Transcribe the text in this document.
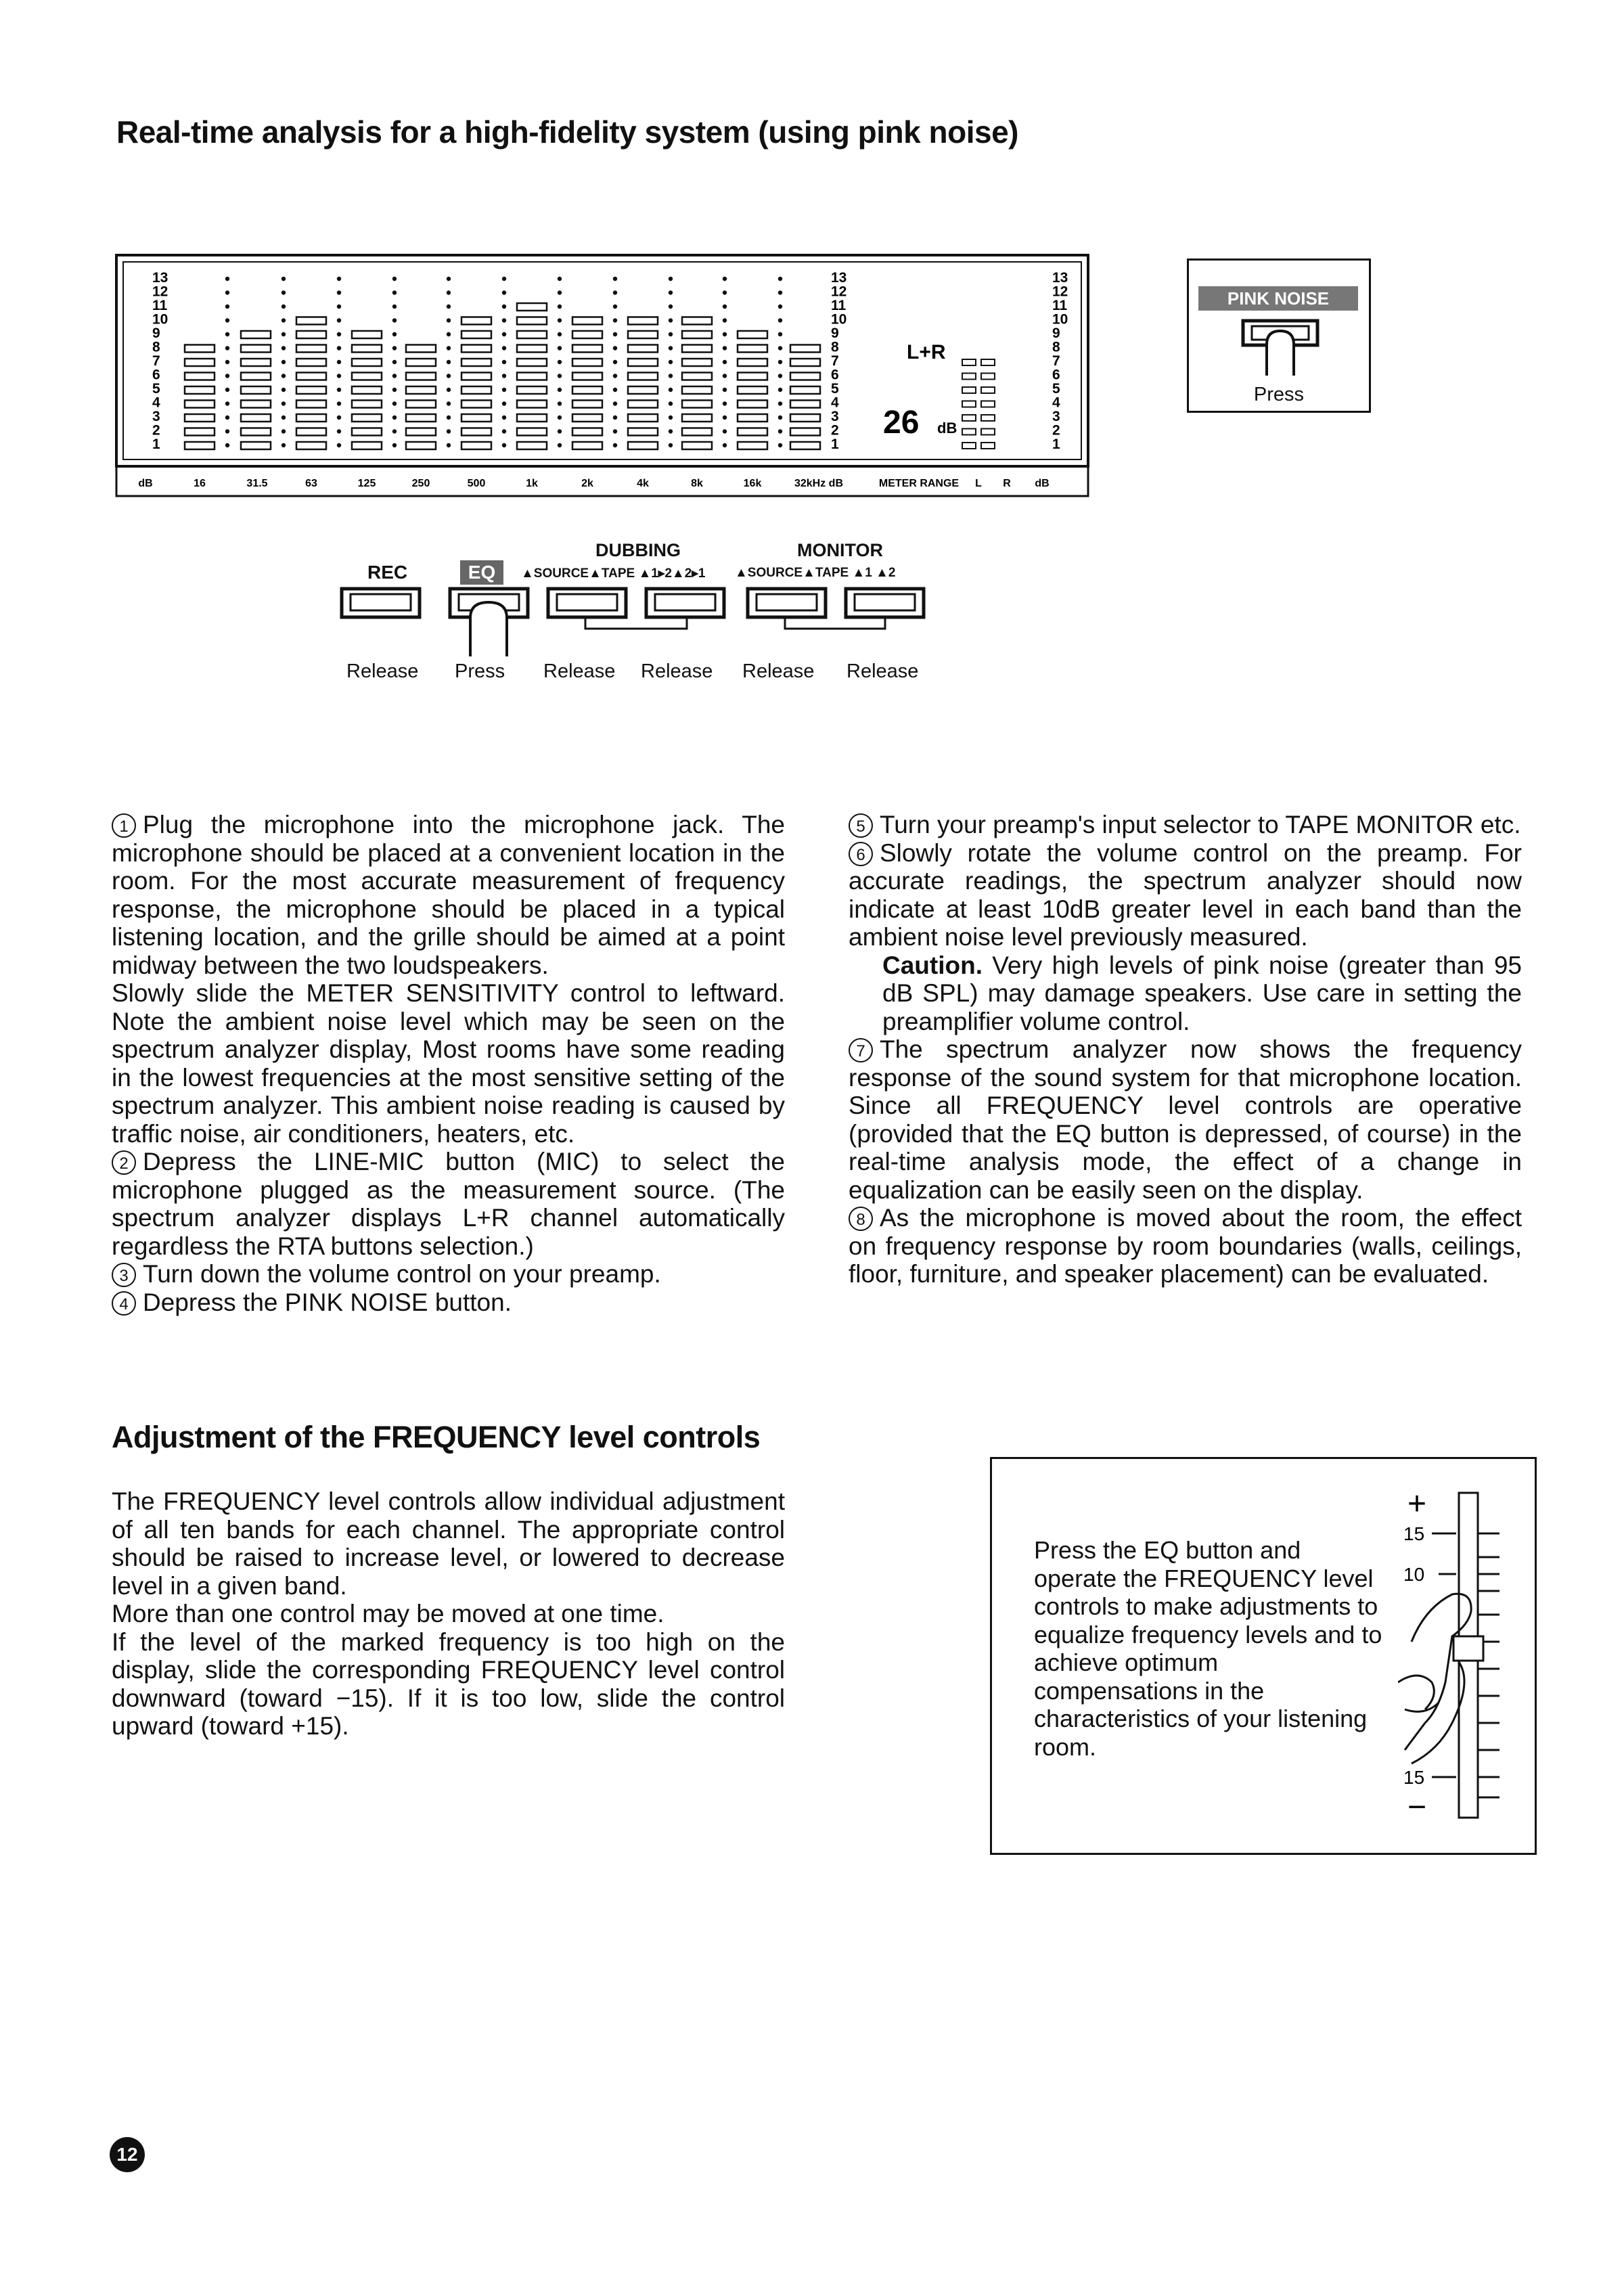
Real-time analysis for a high-fidelity system (using pink noise)
13
12
11
10
9
8
7
6
5
4
3
2
1
13
12
11
10
9
8
7
6
5
4
3
2
1
13
12
11
10
9
8
7
6
5
4
3
2
1
dB	16	31.5	63	125	250	500	1k	2k	4k	8k	16k	32kHz dB	METER RANGE L R dB
L+R
26 dB
PINK NOISE
Press
DUBBING	MONITOR
REC	EQ	▲SOURCE▲TAPE ▲1▸2▲2▸1 ▲SOURCE▲TAPE ▲1 ▲2
Release Press Release Release Release Release

1 Plug the microphone into the microphone jack. The microphone should be placed at a convenient location in the room. For the most accurate measurement of frequency response, the microphone should be placed in a typical listening location, and the grille should be aimed at a point midway between the two loudspeakers.

Slowly slide the METER SENSITIVITY control to leftward. Note the ambient noise level which may be seen on the spectrum analyzer display, Most rooms have some reading in the lowest frequencies at the most sensitive setting of the spectrum analyzer. This ambient noise reading is caused by traffic noise, air conditioners, heaters, etc.

2 Depress the LINE-MIC button (MIC) to select the microphone plugged as the measurement source. (The spectrum analyzer displays L+R channel automatically regardless the RTA buttons selection.)

3 Turn down the volume control on your preamp.

4 Depress the PINK NOISE button.

5 Turn your preamp's input selector to TAPE MONITOR etc.

6 Slowly rotate the volume control on the preamp. For accurate readings, the spectrum analyzer should now indicate at least 10dB greater level in each band than the ambient noise level previously measured.

Caution. Very high levels of pink noise (greater than 95 dB SPL) may damage speakers. Use care in setting the preamplifier volume control.

7 The spectrum analyzer now shows the frequency response of the sound system for that microphone location. Since all FREQUENCY level controls are operative (provided that the EQ button is depressed, of course) in the real-time analysis mode, the effect of a change in equalization can be easily seen on the display.

8 As the microphone is moved about the room, the effect on frequency response by room boundaries (walls, ceilings, floor, furniture, and speaker placement) can be evaluated.

Adjustment of the FREQUENCY level controls

The FREQUENCY level controls allow individual adjustment of all ten bands for each channel. The appropriate control should be raised to increase level, or lowered to decrease level in a given band.

More than one control may be moved at one time.

If the level of the marked frequency is too high on the display, slide the corresponding FREQUENCY level control downward (toward −15). If it is too low, slide the control upward (toward +15).

Press the EQ button and operate the FREQUENCY level controls to make adjustments to equalize frequency levels and to achieve optimum compensations in the characteristics of your listening room.
+
15
10
15
−
12
